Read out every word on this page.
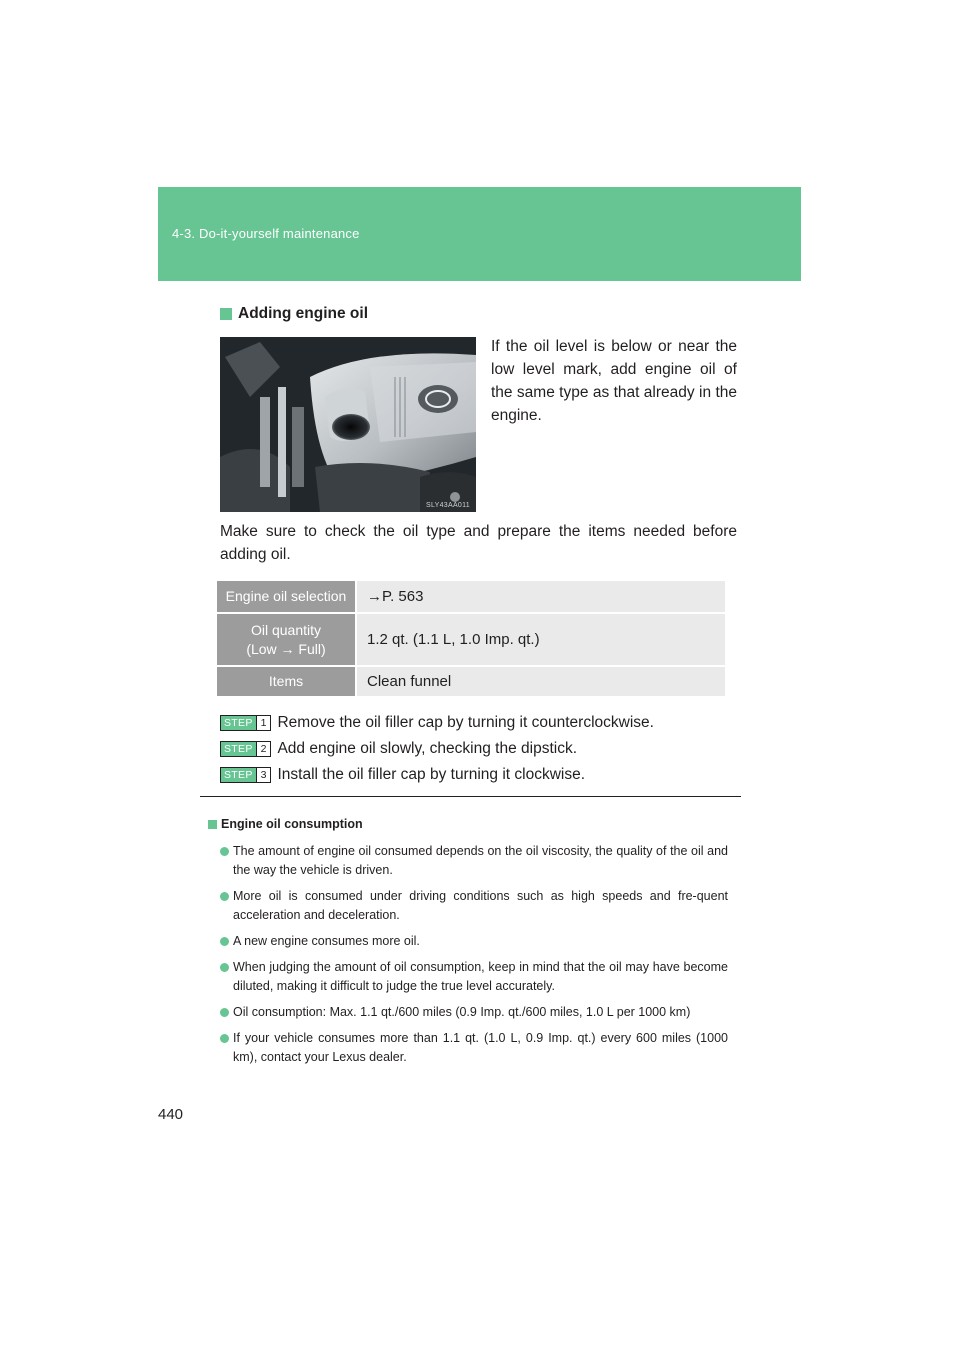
4-3. Do-it-yourself maintenance
Adding engine oil
SLY43AA011
If the oil level is below or near the low level mark, add engine oil of the same type as that already in the engine.
Make sure to check the oil type and prepare the items needed before adding oil.
Engine oil selection	→P. 563

Oil quantity
(Low → Full)	1.2 qt. (1.1 L, 1.0 Imp. qt.)
Items	Clean funnel
STEP 1 Remove the oil filler cap by turning it counterclockwise.
STEP 2 Add engine oil slowly, checking the dipstick.
STEP 3 Install the oil filler cap by turning it clockwise.
Engine oil consumption
The amount of engine oil consumed depends on the oil viscosity, the quality of the oil and the way the vehicle is driven.
More oil is consumed under driving conditions such as high speeds and fre-quent acceleration and deceleration.
A new engine consumes more oil.
When judging the amount of oil consumption, keep in mind that the oil may have become diluted, making it difficult to judge the true level accurately.
Oil consumption: Max. 1.1 qt./600 miles (0.9 Imp. qt./600 miles, 1.0 L per 1000 km)
If your vehicle consumes more than 1.1 qt. (1.0 L, 0.9 Imp. qt.) every 600 miles (1000 km), contact your Lexus dealer.
440
